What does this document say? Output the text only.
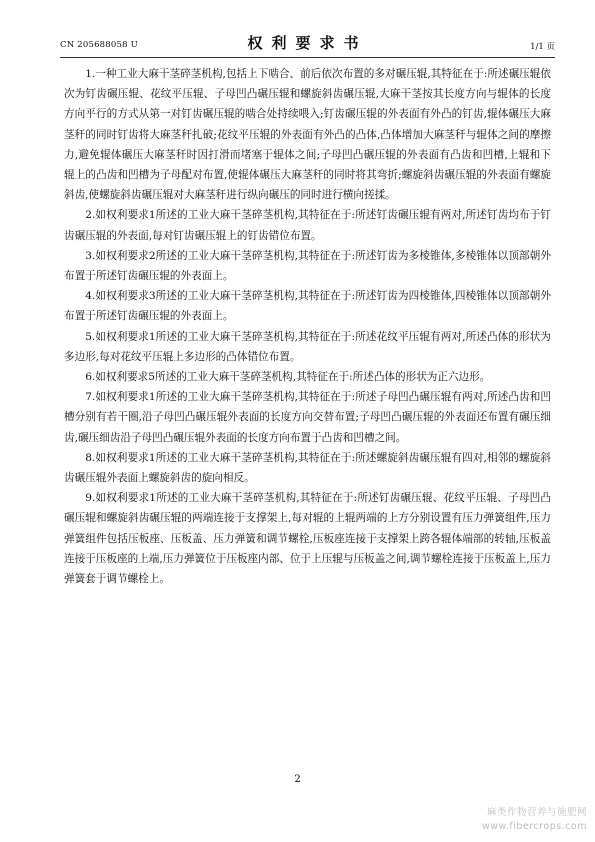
CN 205688058 U	权利要求书	1/1 页

1.一种工业大麻干茎碎茎机构,包括上下啮合、前后依次布置的多对碾压辊,其特征在于:所述碾压辊依次为钉齿碾压辊、花纹平压辊、子母凹凸碾压辊和螺旋斜齿碾压辊,大麻干茎按其长度方向与辊体的长度方向平行的方式从第一对钉齿碾压辊的啮合处持续喂入;钉齿碾压辊的外表面有外凸的钉齿,辊体碾压大麻茎秆的同时钉齿将大麻茎秆扎破;花纹平压辊的外表面有外凸的凸体,凸体增加大麻茎秆与辊体之间的摩擦力,避免辊体碾压大麻茎秆时因打滑而堵塞于辊体之间;子母凹凸碾压辊的外表面有凸齿和凹槽,上辊和下辊上的凸齿和凹槽为子母配对布置,使辊体碾压大麻茎秆的同时将其弯折;螺旋斜齿碾压辊的外表面有螺旋斜齿,使螺旋斜齿碾压辊对大麻茎秆进行纵向碾压的同时进行横向搓揉。

2.如权利要求1所述的工业大麻干茎碎茎机构,其特征在于:所述钉齿碾压辊有两对,所述钉齿均布于钉齿碾压辊的外表面,每对钉齿碾压辊上的钉齿错位布置。

3.如权利要求2所述的工业大麻干茎碎茎机构,其特征在于:所述钉齿为多棱锥体,多棱锥体以顶部朝外布置于所述钉齿碾压辊的外表面上。

4.如权利要求3所述的工业大麻干茎碎茎机构,其特征在于:所述钉齿为四棱锥体,四棱锥体以顶部朝外布置于所述钉齿碾压辊的外表面上。

5.如权利要求1所述的工业大麻干茎碎茎机构,其特征在于:所述花纹平压辊有两对,所述凸体的形状为多边形,每对花纹平压辊上多边形的凸体错位布置。

6.如权利要求5所述的工业大麻干茎碎茎机构,其特征在于:所述凸体的形状为正六边形。

7.如权利要求1所述的工业大麻干茎碎茎机构,其特征在于:所述子母凹凸碾压辊有两对,所述凸齿和凹槽分别有若干圈,沿子母凹凸碾压辊外表面的长度方向交替布置;子母凹凸碾压辊的外表面还布置有碾压细齿,碾压细齿沿子母凹凸碾压辊外表面的长度方向布置于凸齿和凹槽之间。

8.如权利要求1所述的工业大麻干茎碎茎机构,其特征在于:所述螺旋斜齿碾压辊有四对,相邻的螺旋斜齿碾压辊外表面上螺旋斜齿的旋向相反。

9.如权利要求1所述的工业大麻干茎碎茎机构,其特征在于:所述钉齿碾压辊、花纹平压辊、子母凹凸碾压辊和螺旋斜齿碾压辊的两端连接于支撑架上,每对辊的上辊两端的上方分别设置有压力弹簧组件,压力弹簧组件包括压板座、压板盖、压力弹簧和调节螺栓,压板座连接于支撑架上跨各辊体端部的转轴,压板盖连接于压板座的上端,压力弹簧位于压板座内部、位于上压辊与压板盖之间,调节螺栓连接于压板盖上,压力弹簧套于调节螺栓上。

2
麻类作物营养与施肥网
www.fibercrops.com
